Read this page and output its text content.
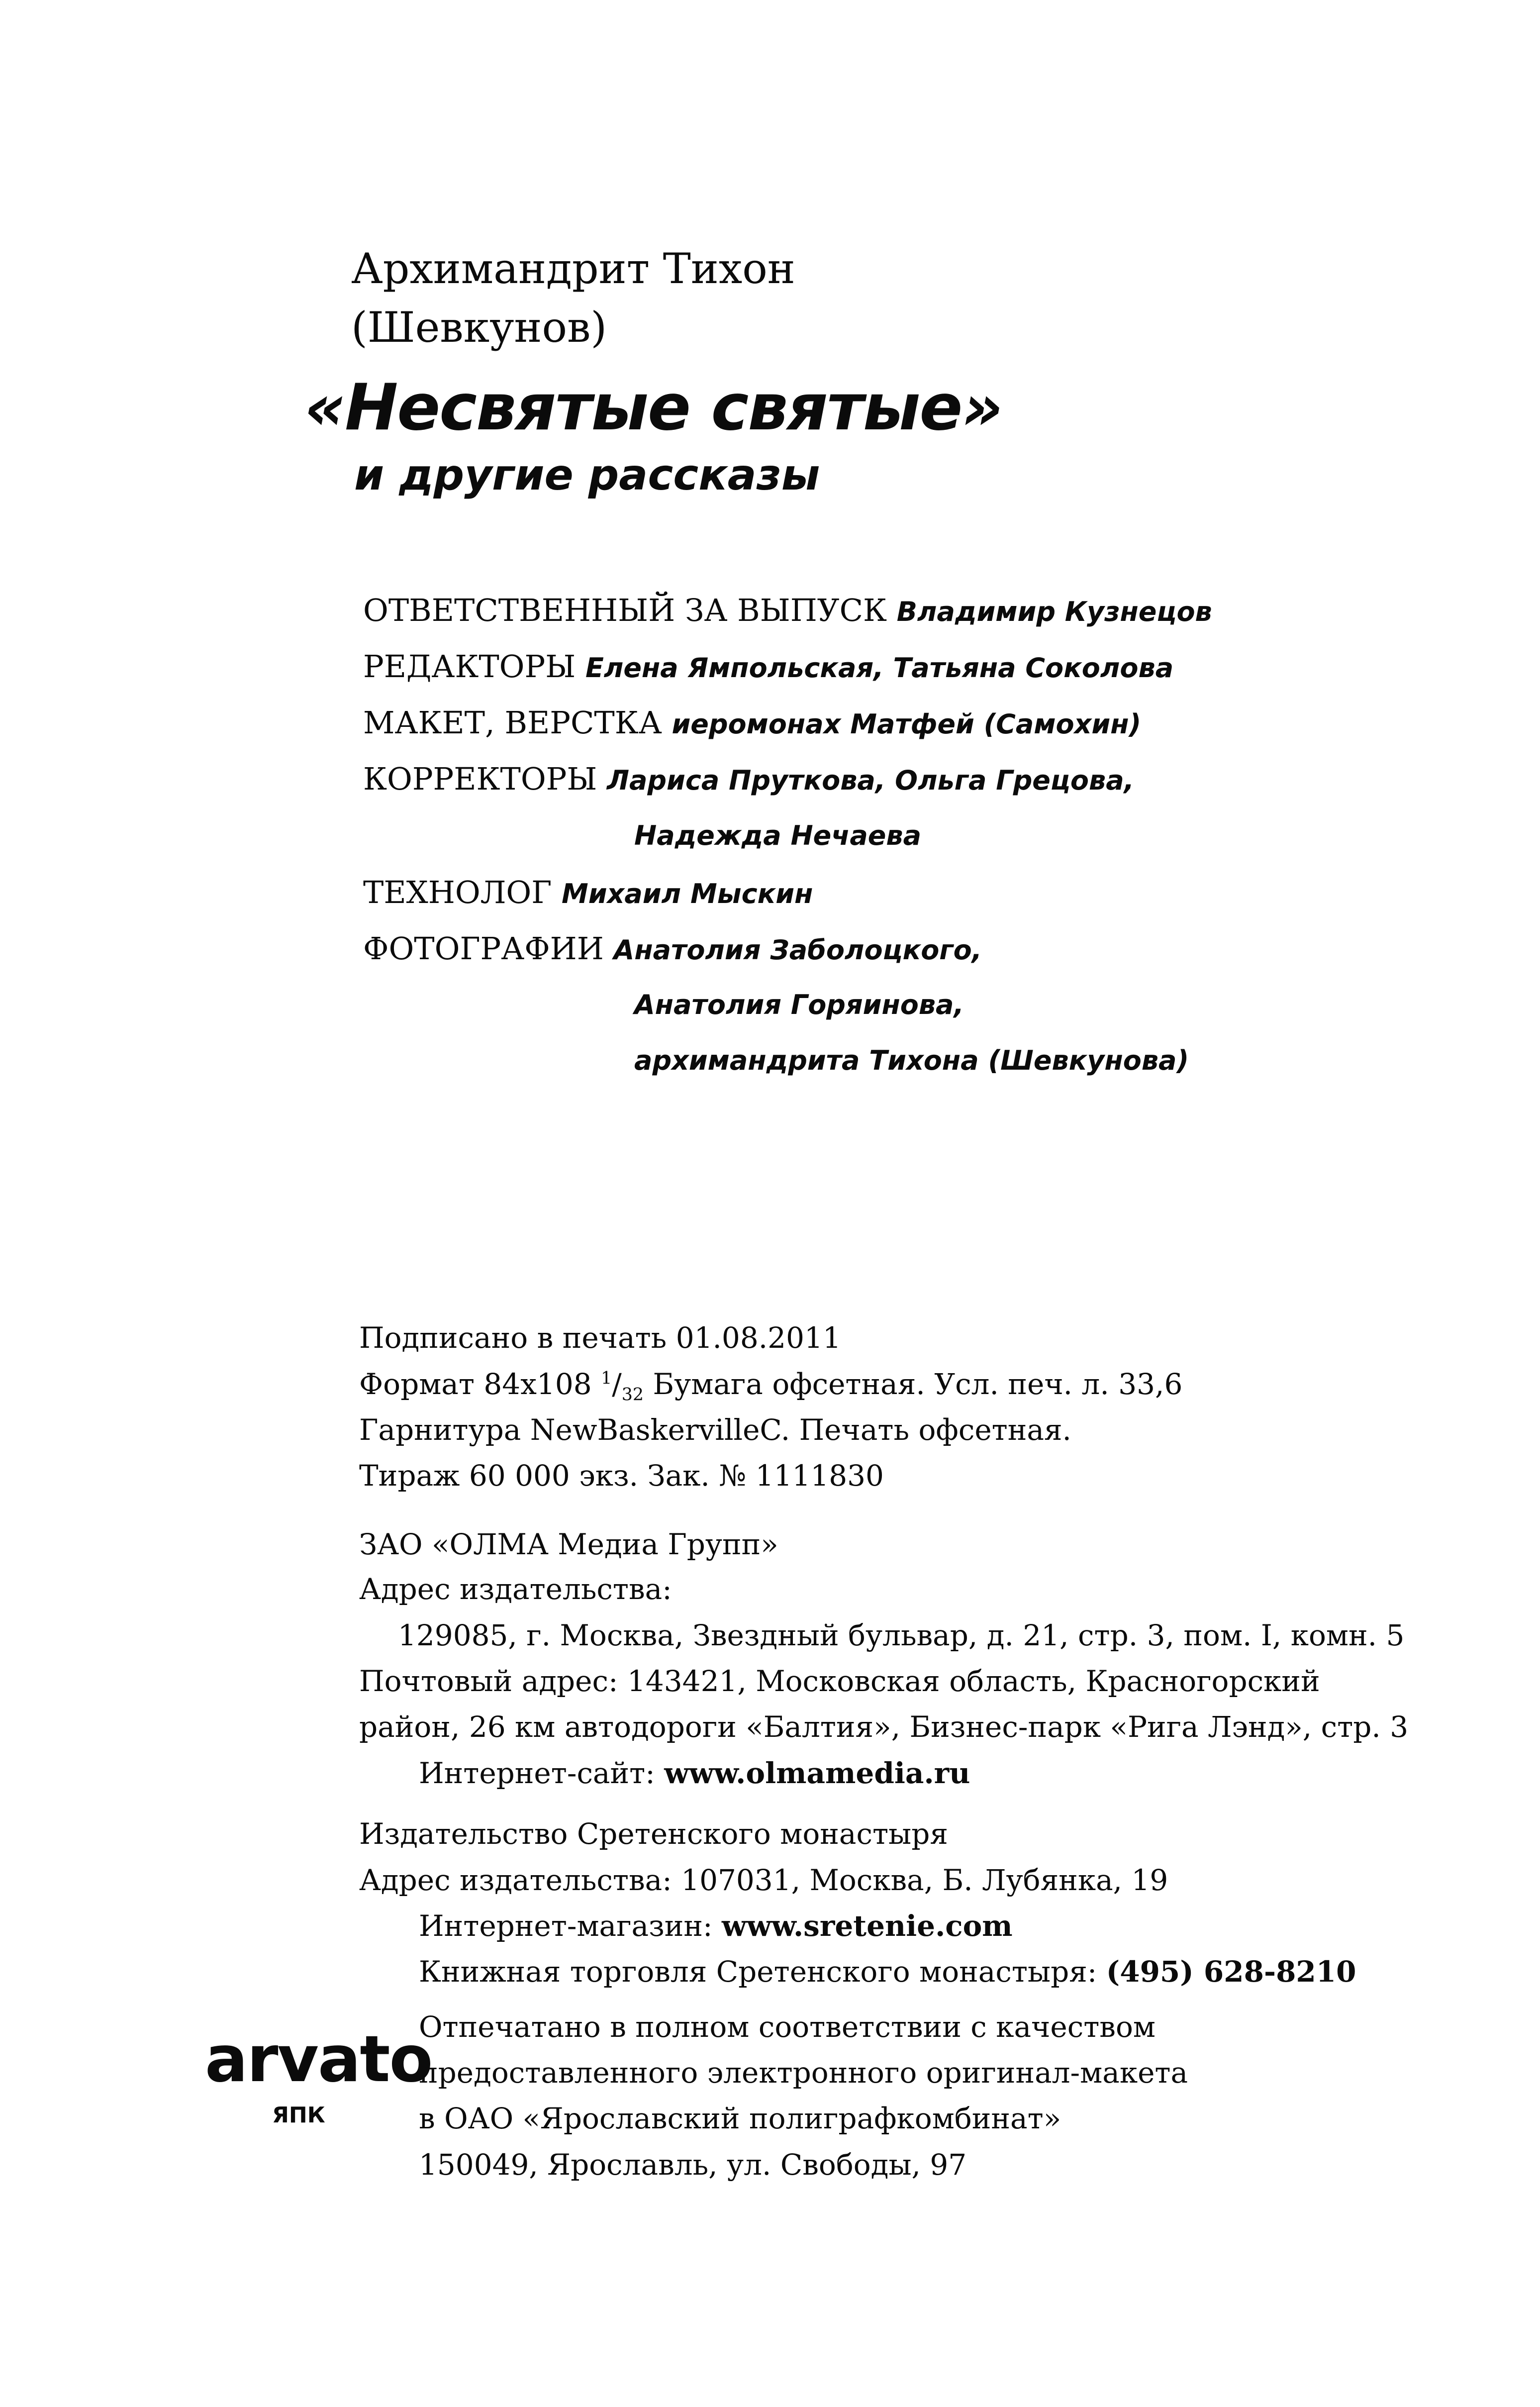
Архимандрит Тихон
(Шевкунов)
«Несвятые святые»
и другие рассказы
ОТВЕТСТВЕННЫЙ ЗА ВЫПУСК Владимир Кузнецов
РЕДАКТОРЫ Елена Ямпольская, Татьяна Соколова
МАКЕТ, ВЕРСТКА иеромонах Матфей (Самохин)
КОРРЕКТОРЫ Лариса Пруткова, Ольга Грецова,
Надежда Нечаева
ТЕХНОЛОГ Михаил Мыскин
ФОТОГРАФИИ Анатолия Заболоцкого,
Анатолия Горяинова,
архимандрита Тихона (Шевкунова)
Подписано в печать 01.08.2011
Формат 84x108 $^1/_{32}$ Бумага офсетная. Усл. печ. л. 33,6
Гарнитура NewBaskervilleC. Печать офсетная.
Тираж 60 000 экз. Зак. № 1111830
ЗАО «ОЛМА Медиа Групп»
Адрес издательства:
129085, г. Москва, Звездный бульвар, д. 21, стр. 3, пом. I, комн. 5
Почтовый адрес: 143421, Московская область, Красногорский
район, 26 км автодороги «Балтия», Бизнес-парк «Рига Лэнд», стр. 3
Интернет-сайт: www.olmamedia.ru
Издательство Сретенского монастыря
Адрес издательства: 107031, Москва, Б. Лубянка, 19
Интернет-магазин: www.sretenie.com
Книжная торговля Сретенского монастыря: (495) 628-8210
arvato
ЯПК
Отпечатано в полном соответствии с качеством
предоставленного электронного оригинал-макета
в ОАО «Ярославский полиграфкомбинат»
150049, Ярославль, ул. Свободы, 97
